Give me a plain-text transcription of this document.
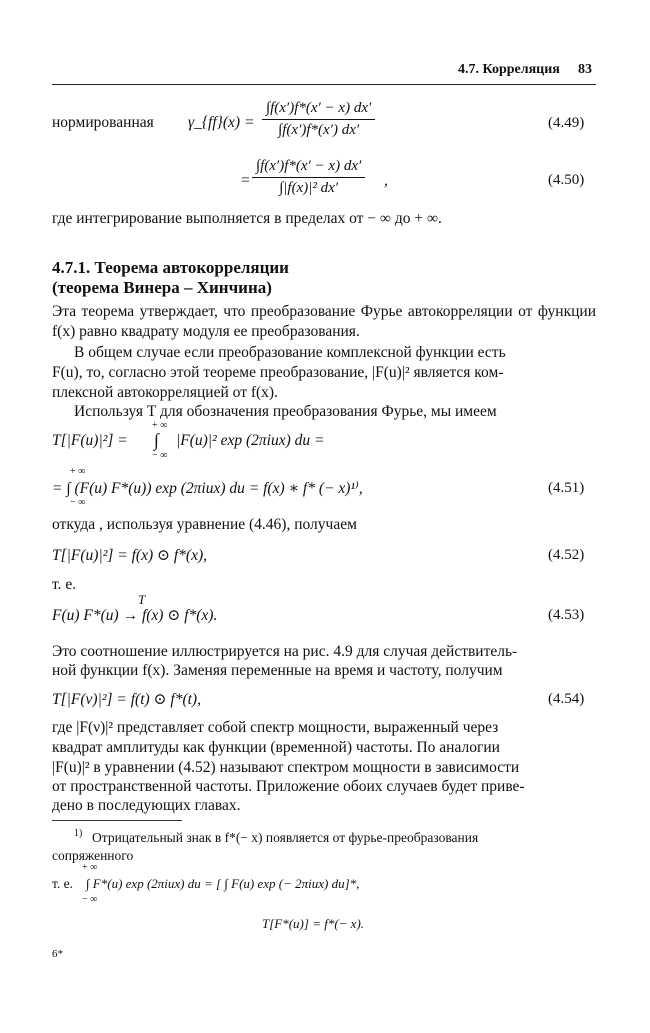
4.7. Корреляция 83
нормированная γ_{ff}(x) = $\frac{\int f(x')f*(x' - x) dx'}{\int f(x')f*(x') dx'}$	(4.49)
= $\frac{\int f(x')f*(x' - x) dx'}{\text{∫|f(x)|² dx′}}$ ,	(4.50)
где интегрирование выполняется в пределах от − ∞ до + ∞.
4.7.1. Теорема автокорреляции
(теорема Винера – Хинчина)
Эта теорема утверждает, что преобразование Фурье автокорреляции от функции f(x) равно квадрату модуля ее преобразования.
В общем случае если преобразование комплексной функции есть
F(u), то, согласно этой теореме преобразование, |F(u)|² является ком-
плексной автокорреляцией от f(x).
Используя T для обозначения преобразования Фурье, мы имеем
+ ∞
T[|F(u)|²] = ∫ |F(u)|² exp (2πiux) du =
− ∞
+ ∞
= ∫ (F(u) F*(u)) exp (2πiux) du = f(x) ∗ f* (− x)¹⁾,
− ∞
(4.51)
откуда , используя уравнение (4.46), получаем
T[|F(u)|²] = f(x) ⊙ f*(x),	(4.52)
т. е.
T
F(u) F*(u) → f(x) ⊙ f*(x).	(4.53)
Это соотношение иллюстрируется на рис. 4.9 для случая действитель-
ной функции f(x). Заменяя переменные на время и частоту, получим
T[|F(ν)|²] = f(t) ⊙ f*(t),	(4.54)
где |F(ν)|² представляет собой спектр мощности, выраженный через
квадрат амплитуды как функции (временной) частоты. По аналогии
|F(u)|² в уравнении (4.52) называют спектром мощности в зависимости
от пространственной частоты. Приложение обоих случаев будет приве-
дено в последующих главах.
1) Отрицательный знак в f*(− x) появляется от фурье-преобразования
сопряженного
+ ∞
т. е. ∫ F*(u) exp (2πiux) du = [ ∫ F(u) exp (− 2πiux) du]*,
− ∞
T[F*(u)] = f*(− x).
6*
